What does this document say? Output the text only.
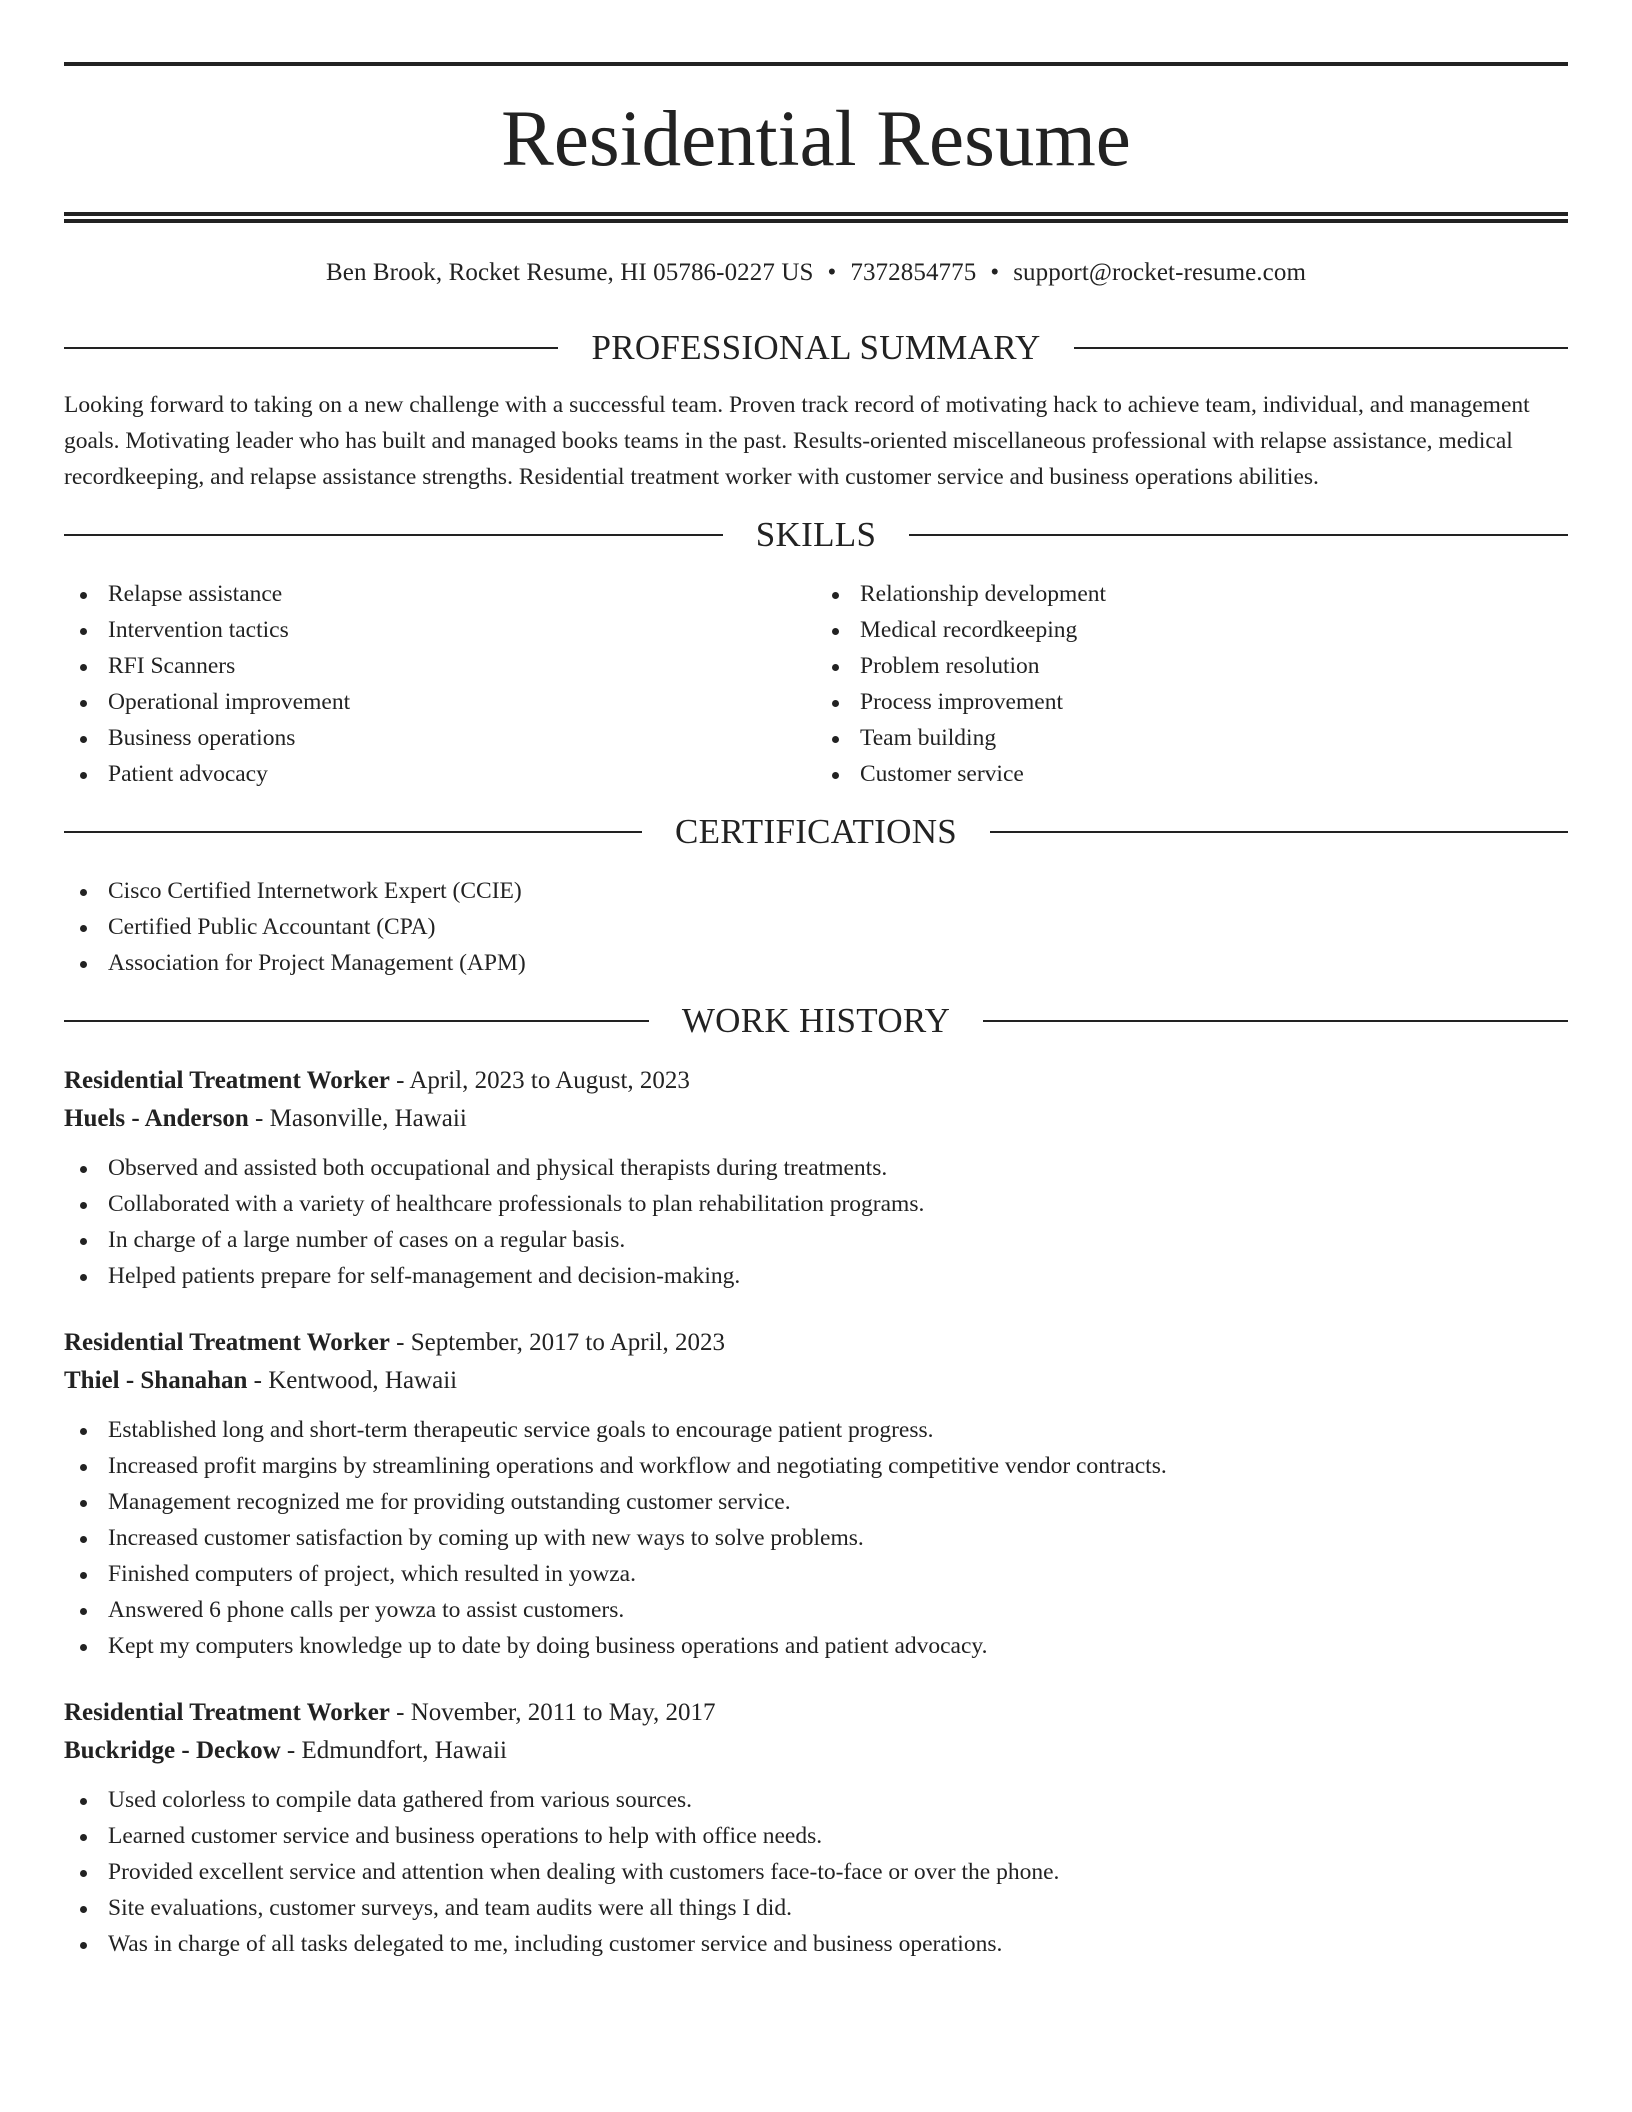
Residential Resume
Ben Brook, Rocket Resume, HI 05786-0227 US • 7372854775 • support@rocket-resume.com
PROFESSIONAL SUMMARY

Looking forward to taking on a new challenge with a successful team. Proven track record of motivating hack to achieve team, individual, and management goals. Motivating leader who has built and managed books teams in the past. Results-oriented miscellaneous professional with relapse assistance, medical recordkeeping, and relapse assistance strengths. Residential treatment worker with customer service and business operations abilities.

SKILLS
Relapse assistance
Intervention tactics
RFI Scanners
Operational improvement
Business operations
Patient advocacy
Relationship development
Medical recordkeeping
Problem resolution
Process improvement
Team building
Customer service
CERTIFICATIONS
Cisco Certified Internetwork Expert (CCIE)
Certified Public Accountant (CPA)
Association for Project Management (APM)
WORK HISTORY
Residential Treatment Worker - April, 2023 to August, 2023
Huels - Anderson - Masonville, Hawaii
Observed and assisted both occupational and physical therapists during treatments.
Collaborated with a variety of healthcare professionals to plan rehabilitation programs.
In charge of a large number of cases on a regular basis.
Helped patients prepare for self-management and decision-making.
Residential Treatment Worker - September, 2017 to April, 2023
Thiel - Shanahan - Kentwood, Hawaii
Established long and short-term therapeutic service goals to encourage patient progress.
Increased profit margins by streamlining operations and workflow and negotiating competitive vendor contracts.
Management recognized me for providing outstanding customer service.
Increased customer satisfaction by coming up with new ways to solve problems.
Finished computers of project, which resulted in yowza.
Answered 6 phone calls per yowza to assist customers.
Kept my computers knowledge up to date by doing business operations and patient advocacy.
Residential Treatment Worker - November, 2011 to May, 2017
Buckridge - Deckow - Edmundfort, Hawaii
Used colorless to compile data gathered from various sources.
Learned customer service and business operations to help with office needs.
Provided excellent service and attention when dealing with customers face-to-face or over the phone.
Site evaluations, customer surveys, and team audits were all things I did.
Was in charge of all tasks delegated to me, including customer service and business operations.
